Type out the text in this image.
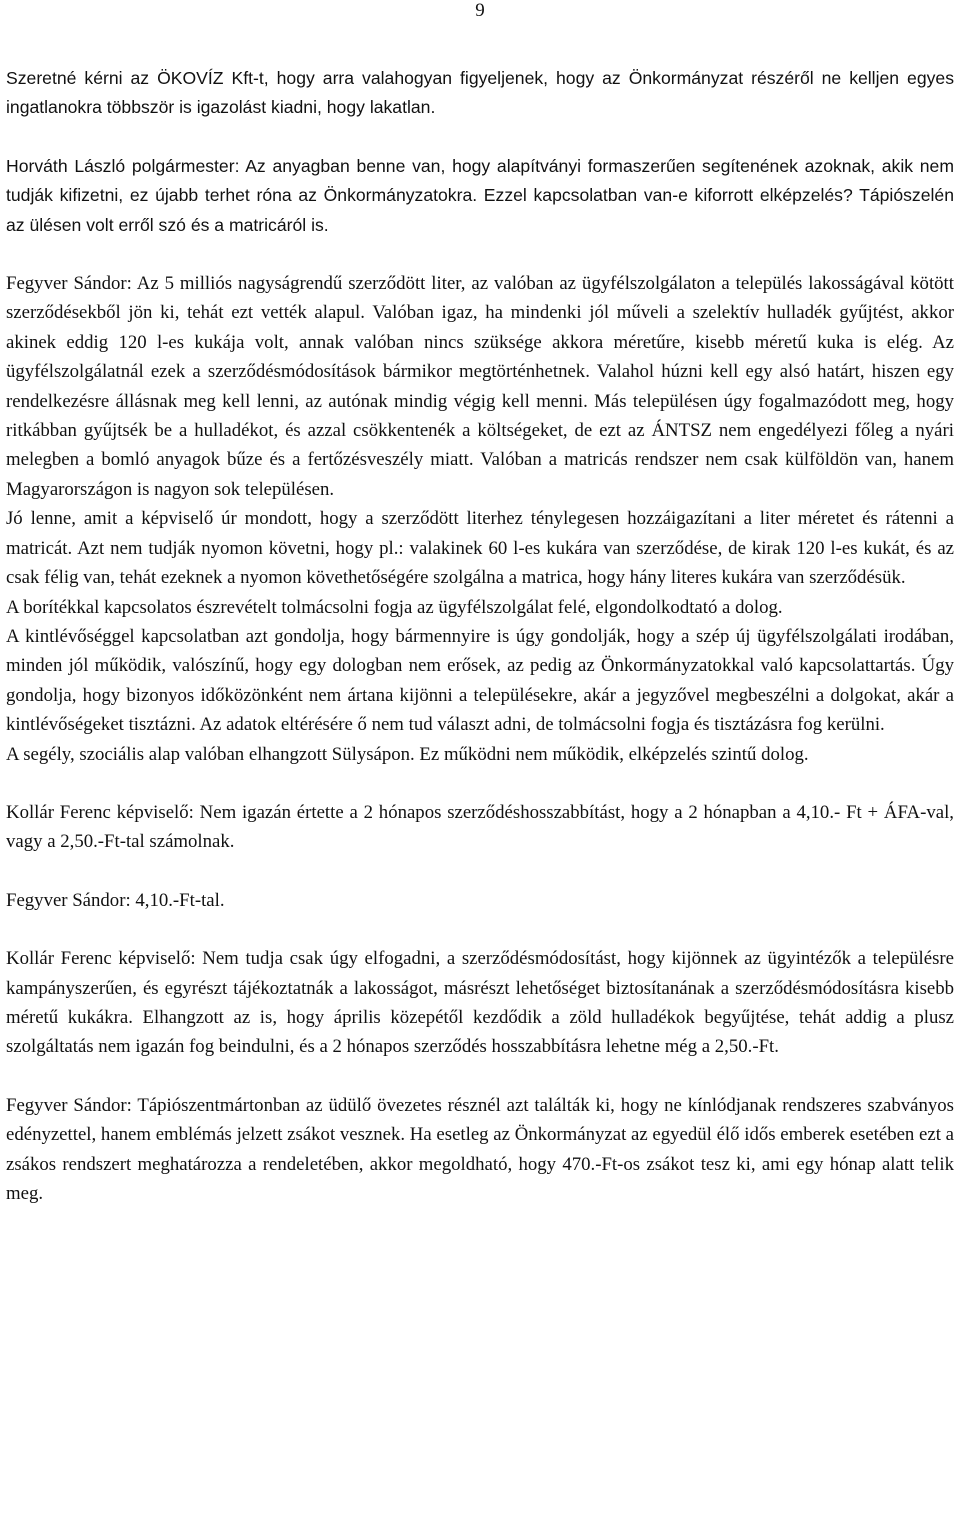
9

Szeretné kérni az ÖKOVÍZ Kft-t, hogy arra valahogyan figyeljenek, hogy az Önkormányzat részéről ne kelljen egyes ingatlanokra többször is igazolást kiadni, hogy lakatlan.

Horváth László polgármester: Az anyagban benne van, hogy alapítványi formaszerűen segítenének azoknak, akik nem tudják kifizetni, ez újabb terhet róna az Önkormányzatokra. Ezzel kapcsolatban van-e kiforrott elképzelés? Tápiószelén az ülésen volt erről szó és a matricáról is.

Fegyver Sándor: Az 5 milliós nagyságrendű szerződött liter, az valóban az ügyfélszolgálaton a település lakosságával kötött szerződésekből jön ki, tehát ezt vették alapul. Valóban igaz, ha mindenki jól műveli a szelektív hulladék gyűjtést, akkor akinek eddig 120 l-es kukája volt, annak valóban nincs szüksége akkora méretűre, kisebb méretű kuka is elég. Az ügyfélszolgálatnál ezek a szerződésmódosítások bármikor megtörténhetnek. Valahol húzni kell egy alsó határt, hiszen egy rendelkezésre állásnak meg kell lenni, az autónak mindig végig kell menni. Más településen úgy fogalmazódott meg, hogy ritkábban gyűjtsék be a hulladékot, és azzal csökkentenék a költségeket, de ezt az ÁNTSZ nem engedélyezi főleg a nyári melegben a bomló anyagok bűze és a fertőzésveszély miatt. Valóban a matricás rendszer nem csak külföldön van, hanem Magyarországon is nagyon sok településen.

Jó lenne, amit a képviselő úr mondott, hogy a szerződött literhez ténylegesen hozzáigazítani a liter méretet és rátenni a matricát. Azt nem tudják nyomon követni, hogy pl.: valakinek 60 l-es kukára van szerződése, de kirak 120 l-es kukát, és az csak félig van, tehát ezeknek a nyomon követhetőségére szolgálna a matrica, hogy hány literes kukára van szerződésük.

A borítékkal kapcsolatos észrevételt tolmácsolni fogja az ügyfélszolgálat felé, elgondolkodtató a dolog.

A kintlévőséggel kapcsolatban azt gondolja, hogy bármennyire is úgy gondolják, hogy a szép új ügyfélszolgálati irodában, minden jól működik, valószínű, hogy egy dologban nem erősek, az pedig az Önkormányzatokkal való kapcsolattartás. Úgy gondolja, hogy bizonyos időközönként nem ártana kijönni a településekre, akár a jegyzővel megbeszélni a dolgokat, akár a kintlévőségeket tisztázni. Az adatok eltérésére ő nem tud választ adni, de tolmácsolni fogja és tisztázásra fog kerülni.

A segély, szociális alap valóban elhangzott Sülysápon. Ez működni nem működik, elképzelés szintű dolog.

Kollár Ferenc képviselő: Nem igazán értette a 2 hónapos szerződéshosszabbítást, hogy a 2 hónapban a 4,10.- Ft + ÁFA-val, vagy a 2,50.-Ft-tal számolnak.

Fegyver Sándor: 4,10.-Ft-tal.

Kollár Ferenc képviselő: Nem tudja csak úgy elfogadni, a szerződésmódosítást, hogy kijönnek az ügyintézők a településre kampányszerűen, és egyrészt tájékoztatnák a lakosságot, másrészt lehetőséget biztosítanának a szerződésmódosításra kisebb méretű kukákra. Elhangzott az is, hogy április közepétől kezdődik a zöld hulladékok begyűjtése, tehát addig a plusz szolgáltatás nem igazán fog beindulni, és a 2 hónapos szerződés hosszabbításra lehetne még a 2,50.-Ft.

Fegyver Sándor: Tápiószentmártonban az üdülő övezetes résznél azt találták ki, hogy ne kínlódjanak rendszeres szabványos edényzettel, hanem emblémás jelzett zsákot vesznek. Ha esetleg az Önkormányzat az egyedül élő idős emberek esetében ezt a zsákos rendszert meghatározza a rendeletében, akkor megoldható, hogy 470.-Ft-os zsákot tesz ki, ami egy hónap alatt telik meg.
